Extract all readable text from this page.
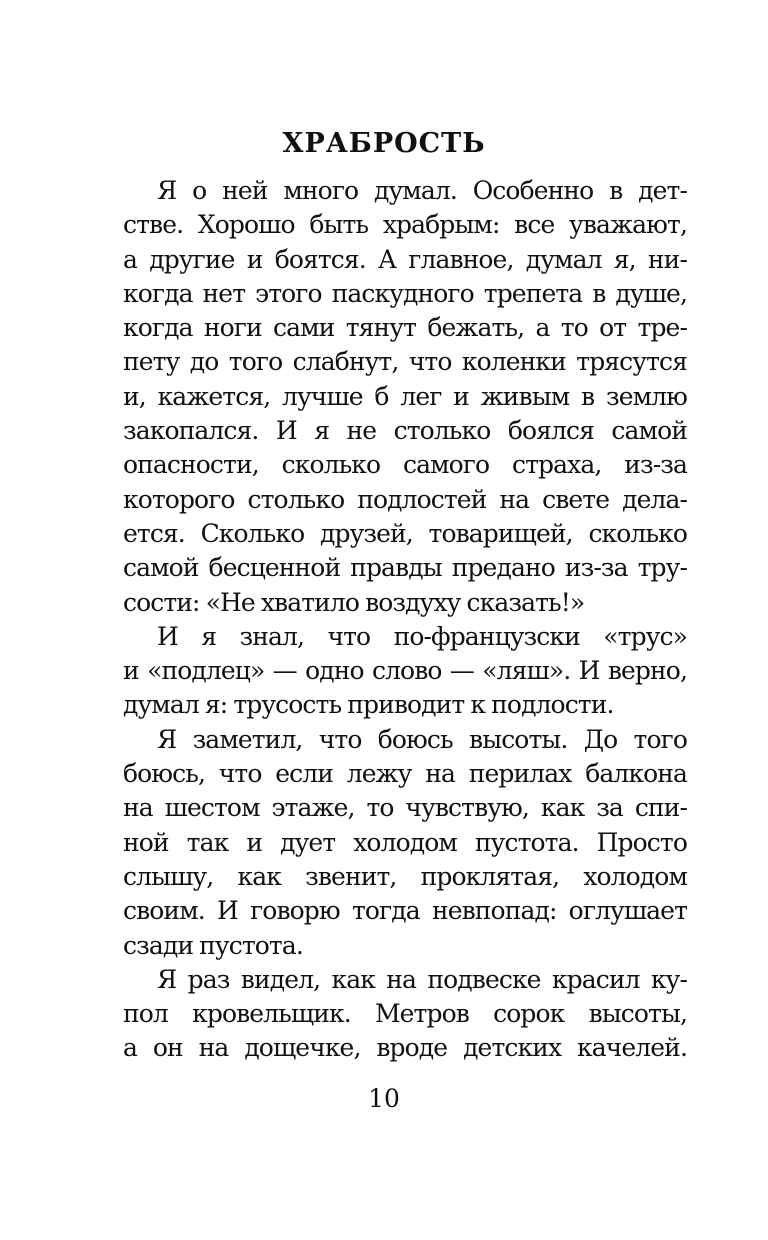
ХРАБРОСТЬ
Я о ней много думал. Особенно в дет-
стве. Хорошо быть храбрым: все уважают,
а другие и боятся. А главное, думал я, ни-
когда нет этого паскудного трепета в душе,
когда ноги сами тянут бежать, а то от тре-
пету до того слабнут, что коленки трясутся
и, кажется, лучше б лег и живым в землю
закопался. И я не столько боялся самой
опасности, сколько самого страха, из-за
которого столько подлостей на свете дела-
ется. Сколько друзей, товарищей, сколько
самой бесценной правды предано из-за тру-
сости: «Не хватило воздуху сказать!»
И я знал, что по-французски «трус»
и «подлец» — одно слово — «ляш». И верно,
думал я: трусость приводит к подлости.
Я заметил, что боюсь высоты. До того
боюсь, что если лежу на перилах балкона
на шестом этаже, то чувствую, как за спи-
ной так и дует холодом пустота. Просто
слышу, как звенит, проклятая, холодом
своим. И говорю тогда невпопад: оглушает
сзади пустота.
Я раз видел, как на подвеске красил ку-
пол кровельщик. Метров сорок высоты,
а он на дощечке, вроде детских качелей.
10
